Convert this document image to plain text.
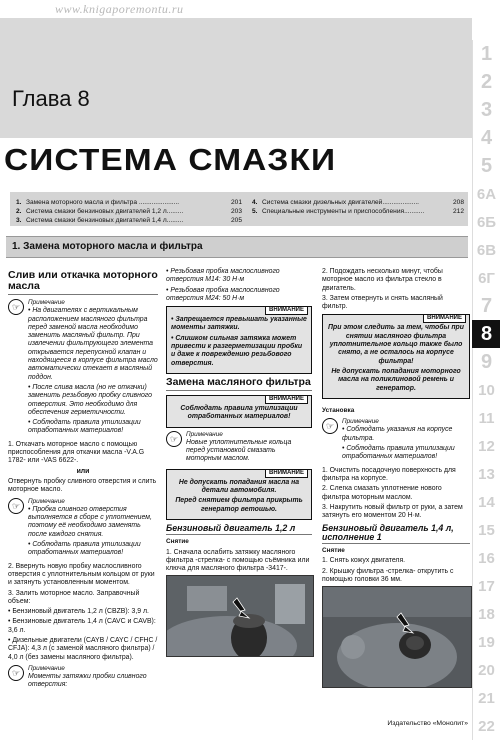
www.knigaporemontu.ru
Глава 8
СИСТЕМА СМАЗКИ
1. Замена моторного масла и фильтра ......................	201
2. Система смазки бензиновых двигателей 1,2 л.........	203
3. Система смазки бензиновых двигателей 1,4 л.........	205
4. Система смазки дизельных двигателей....................	208
5. Специальные инструменты и приспособления...........	212
1. Замена моторного масла и фильтра
Слив или откачка моторного масла
☞	Примечание

• На двигателях с вертикальным расположением масляного фильтра перед заменой масла необходимо заменить масляный фильтр. При извлечении фильтрующего элемента открывается перепускной клапан и находящееся в корпусе фильтра масло автоматически стекает в масляный поддон.

• После слива масла (но не откачки) заменить резьбовую пробку сливного отверстия. Это необходимо для обеспечения герметичности.

• Соблюдать правила утилизации отработанных материалов!

1. Откачать моторное масло с помощью приспособления для откачки масла -V.A.G 1782- или -VAS 6622-.

или

Отвернуть пробку сливного отверстия и слить моторное масло.

☞	Примечание

• Пробка сливного отверстия выполняется в сборе с уплотнением, поэтому её необходимо заменять после каждого снятия.

• Соблюдать правила утилизации отработанных материалов!

2. Ввернуть новую пробку маслосливного отверстия с уплотнительным кольцом от руки и затянуть установленным моментом.

3. Залить моторное масло. Заправочный объем:

• Бензиновый двигатель 1,2 л (CBZB): 3,9 л.

• Бензиновые двигатель 1,4 л (CAVC и CAVB): 3,6 л.

• Дизельные двигатели (CAYB / CAYC / CFHC / CFJA): 4,3 л (с заменой масляного фильтра) / 4,0 л (без замены масляного фильтра).

☞	Примечание

Моменты затяжки пробки сливного отверстия:

• Резьбовая пробка маслосливного отверстия М14: 30 Н·м

• Резьбовая пробка маслосливного отверстия М24: 50 Н·м

ВНИМАНИЕ

• Запрещается превышать указанные моменты затяжки.

• Слишком сильная затяжка может привести к разгерметизации пробки и даже к повреждению резьбового отверстия.

Замена масляного фильтра
ВНИМАНИЕ

Соблюдать правила утилизации отработанных материалов!

☞	Примечание

Новые уплотнительные кольца перед установкой смазать моторным маслом.

ВНИМАНИЕ

Не допускать попадания масла на детали автомобиля.

Перед снятием фильтра прикрыть генератор ветошью.

Бензиновый двигатель 1,2 л
Снятие

1. Сначала ослабить затяжку масляного фильтра -стрелка- с помощью съёмника или ключа для масляного фильтра -3417-.

2. Подождать несколько минут, чтобы моторное масло из фильтра стекло в двигатель.

3. Затем отвернуть и снять масляный фильтр.

ВНИМАНИЕ

При этом следить за тем, чтобы при снятии масляного фильтра уплотнительное кольцо также было снято, а не осталось на корпусе фильтра!

Не допускать попадания моторного масла на поликлиновой ремень и генератор.

Установка
☞	Примечание

• Соблюдать указания на корпусе фильтра.

• Соблюдать правила утилизации отработанных материалов!

1. Очистить посадочную поверхность для фильтра на корпусе.

2. Слегка смазать уплотнение нового фильтра моторным маслом.

3. Накрутить новый фильтр от руки, а затем затянуть его моментом 20 Н·м.

Бензиновый двигатель 1,4 л, исполнение 1
Снятие

1. Снять кожух двигателя.

2. Крышку фильтра -стрелка- открутить с помощью головки 36 мм.

1
2
3
4
5
6A
6Б
6В
6Г
7
8
9
10
11
12
13
14
15
16
17
18
19
20
21
22
Издательство «Монолит»
